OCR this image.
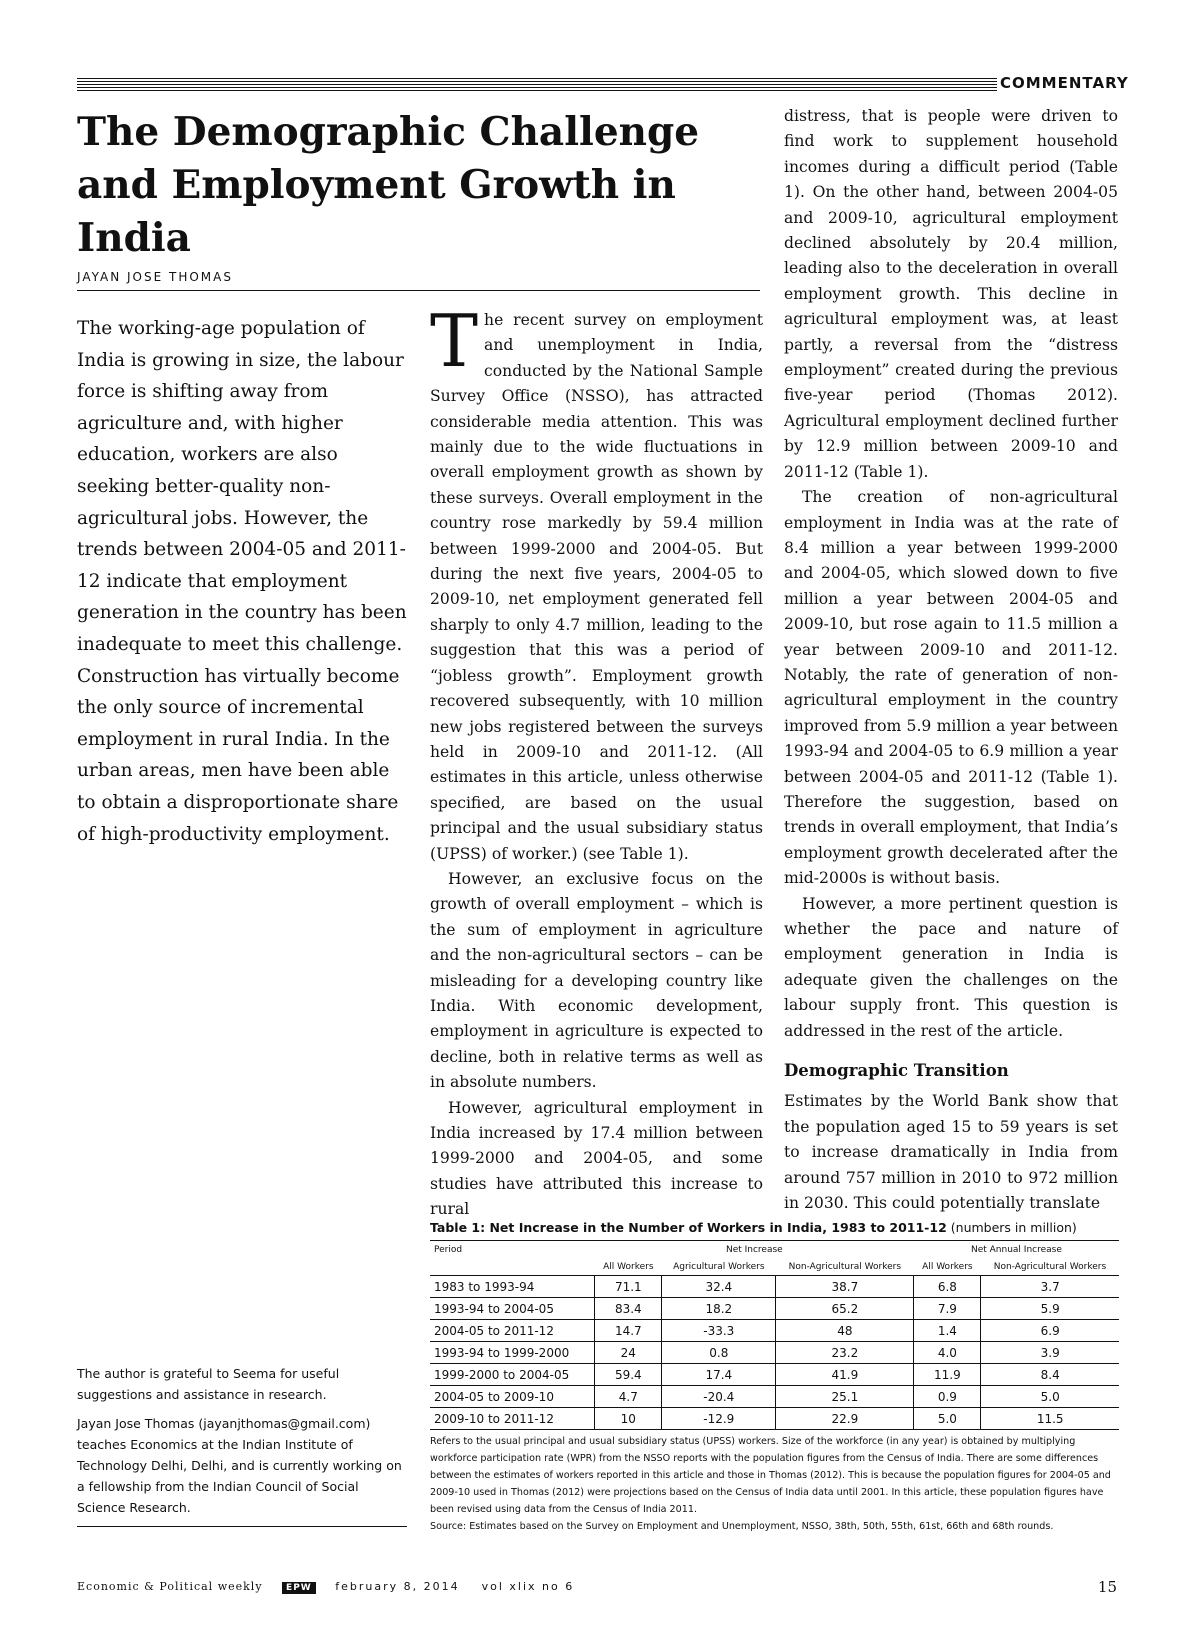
COMMENTARY
The Demographic Challenge and Employment Growth in India
JAYAN JOSE THOMAS

The working-age population of India is growing in size, the labour force is shifting away from agriculture and, with higher education, workers are also seeking better-quality non-agricultural jobs. However, the trends between 2004-05 and 2011-12 indicate that employment generation in the country has been inadequate to meet this challenge. Construction has virtually become the only source of incremental employment in rural India. In the urban areas, men have been able to obtain a disproportionate share of high-productivity employment.

The recent survey on employment and unemployment in India, conducted by the National Sample Survey Office (NSSO), has attracted considerable media attention. This was mainly due to the wide fluctuations in overall employment growth as shown by these surveys. Overall employment in the country rose markedly by 59.4 million between 1999-2000 and 2004-05. But during the next five years, 2004-05 to 2009-10, net employment generated fell sharply to only 4.7 million, leading to the suggestion that this was a period of “jobless growth”. Employment growth recovered subsequently, with 10 million new jobs registered between the surveys held in 2009-10 and 2011-12. (All estimates in this article, unless otherwise specified, are based on the usual principal and the usual subsidiary status (UPSS) of worker.) (see Table 1).

However, an exclusive focus on the growth of overall employment – which is the sum of employment in agriculture and the non-agricultural sectors – can be misleading for a developing country like India. With economic development, employment in agriculture is expected to decline, both in relative terms as well as in absolute numbers.

However, agricultural employment in India increased by 17.4 million between 1999-2000 and 2004-05, and some studies have attributed this increase to rural

distress, that is people were driven to find work to supplement household incomes during a difficult period (Table 1). On the other hand, between 2004-05 and 2009-10, agricultural employment declined absolutely by 20.4 million, leading also to the deceleration in overall employment growth. This decline in agricultural employment was, at least partly, a reversal from the “distress employment” created during the previous five-year period (Thomas 2012). Agricultural employment declined further by 12.9 million between 2009-10 and 2011-12 (Table 1).

The creation of non-agricultural employment in India was at the rate of 8.4 million a year between 1999-2000 and 2004-05, which slowed down to five million a year between 2004-05 and 2009-10, but rose again to 11.5 million a year between 2009-10 and 2011-12. Notably, the rate of generation of non-agricultural employment in the country improved from 5.9 million a year between 1993-94 and 2004-05 to 6.9 million a year between 2004-05 and 2011-12 (Table 1). Therefore the suggestion, based on trends in overall employment, that India’s employment growth decelerated after the mid-2000s is without basis.

However, a more pertinent question is whether the pace and nature of employment generation in India is adequate given the challenges on the labour supply front. This question is addressed in the rest of the article.

Demographic Transition

Estimates by the World Bank show that the population aged 15 to 59 years is set to increase dramatically in India from around 757 million in 2010 to 972 million in 2030. This could potentially translate

The author is grateful to Seema for useful suggestions and assistance in research.

Jayan Jose Thomas (jayanjthomas@gmail.com) teaches Economics at the Indian Institute of Technology Delhi, Delhi, and is currently working on a fellowship from the Indian Council of Social Science Research.

Table 1: Net Increase in the Number of Workers in India, 1983 to 2011-12 (numbers in million)
Period	Net Increase			Net Annual Increase	
	All Workers	Agricultural Workers	Non-Agricultural Workers	All Workers	Non-Agricultural Workers
1983 to 1993-94	71.1	32.4	38.7	6.8	3.7
1993-94 to 2004-05	83.4	18.2	65.2	7.9	5.9
2004-05 to 2011-12	14.7	-33.3	48	1.4	6.9
1993-94 to 1999-2000	24	0.8	23.2	4.0	3.9
1999-2000 to 2004-05	59.4	17.4	41.9	11.9	8.4
2004-05 to 2009-10	4.7	-20.4	25.1	0.9	5.0
2009-10 to 2011-12	10	-12.9	22.9	5.0	11.5

Refers to the usual principal and usual subsidiary status (UPSS) workers. Size of the workforce (in any year) is obtained by multiplying workforce participation rate (WPR) from the NSSO reports with the population figures from the Census of India. There are some differences between the estimates of workers reported in this article and those in Thomas (2012). This is because the population figures for 2004-05 and 2009-10 used in Thomas (2012) were projections based on the Census of India data until 2001. In this article, these population figures have been revised using data from the Census of India 2011.

Source: Estimates based on the Survey on Employment and Unemployment, NSSO, 38th, 50th, 55th, 61st, 66th and 68th rounds.

Economic & Political weekly	EPW february 8, 2014 vol xlix no 6	15
